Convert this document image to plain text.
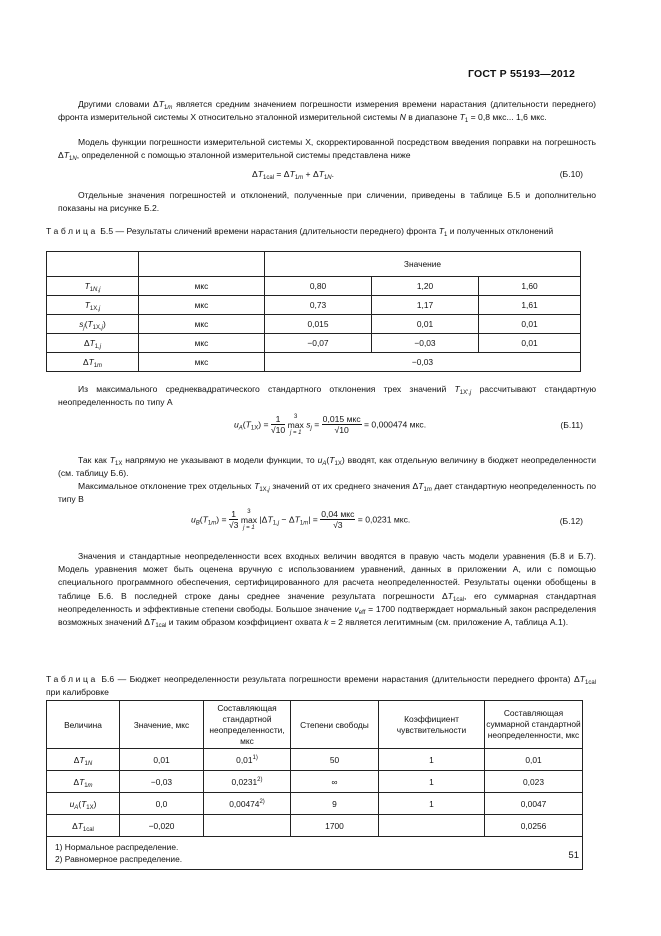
ГОСТ Р 55193—2012
Другими словами $\Delta T_{1m}$ является средним значением погрешности измерения времени нарастания (длительности переднего) фронта измерительной системы X относительно эталонной измерительной системы N в диапазоне $T_1 = 0,8$ мкс... 1,6 мкс.
Модель функции погрешности измерительной системы X, скорректированной посредством введения поправки на погрешность $\Delta T_{1N}$, определенной с помощью эталонной измерительной системы представлена ниже
$\Delta T_{1cal} = \Delta T_{1m} + \Delta T_{1N}$.	(Б.10)
Отдельные значения погрешностей и отклонений, полученные при сличении, приведены в таблице Б.5 и дополнительно показаны на рисунке Б.2.
Таблица Б.5 — Результаты сличений времени нарастания (длительности переднего) фронта $T_1$ и полученных отклонений
		Значение		
$T_{1N,j}$	мкс	0,80	1,20	1,60
$T_{1X,j}$	мкс	0,73	1,17	1,61
$s_j(T_{1X,j})$	мкс	0,015	0,01	0,01
$\Delta T_{1,j}$	мкс	−0,07	−0,03	0,01
$\Delta T_{1m}$	мкс	−0,03		
Из максимального среднеквадратического стандартного отклонения трех значений $T_{1X',j}$ рассчитывают стандартную неопределенность по типу А
$u_A(T_{1X}) = \frac{1}{√10}$
	3
max
j = 1
$s_j = \frac{\text{0,015 мкс}}{√10} = 0,000474$ мкс.	(Б.11)
Так как $T_{1X}$ напрямую не указывают в модели функции, то $u_A(T_{1X})$ вводят, как отдельную величину в бюджет неопределенности (см. таблицу Б.6).
Максимальное отклонение трех отдельных $T_{1X,j}$ значений от их среднего значения $\Delta T_{1m}$ дает стандартную неопределенность по типу В
$u_B(T_{1m}) = \frac{1}{√3}$
	3
max
j = 1
$|\Delta T_{1,j} - \Delta T_{1m}| = \frac{\text{0,04 мкс}}{√3} = 0,0231$ мкс.	(Б.12)
Значения и стандартные неопределенности всех входных величин вводятся в правую часть модели уравнения (Б.8 и Б.7). Модель уравнения может быть оценена вручную с использованием уравнений, данных в приложении А, или с помощью специального программного обеспечения, сертифицированного для расчета неопределенностей. Результаты оценки обобщены в таблице Б.6. В последней строке даны среднее значение результата погрешности $\Delta T_{1cal}$, его суммарная стандартная неопределенность и эффективные степени свободы. Большое значение $v_{eff} = 1700$ подтверждает нормальный закон распределения возможных значений $\Delta T_{1cal}$ и таким образом коэффициент охвата k = 2 является легитимным (см. приложение А, таблица А.1).
Таблица Б.6 — Бюджет неопределенности результата погрешности времени нарастания (длительности переднего фронта) $\Delta T_{1cal}$ при калибровке
Величина	Значение, мкс	Составляющая стандартной неопределенности, мкс	Степени свободы	Коэффициент чувствительности	Составляющая суммарной стандартной неопределенности, мкс
$\Delta T_{1N}$	0,01	0,01$^{1)}$	50	1	0,01
$\Delta T_{1m}$	−0,03	0,0231$^{2)}$	∞	1	0,023
$u_A(T_{1X})$	0,0	0,00474$^{2)}$	9	1	0,0047
$\Delta T_{1cal}$	−0,020		1700		0,0256

1) Нормальное распределение.
2) Равномерное распределение.						51
